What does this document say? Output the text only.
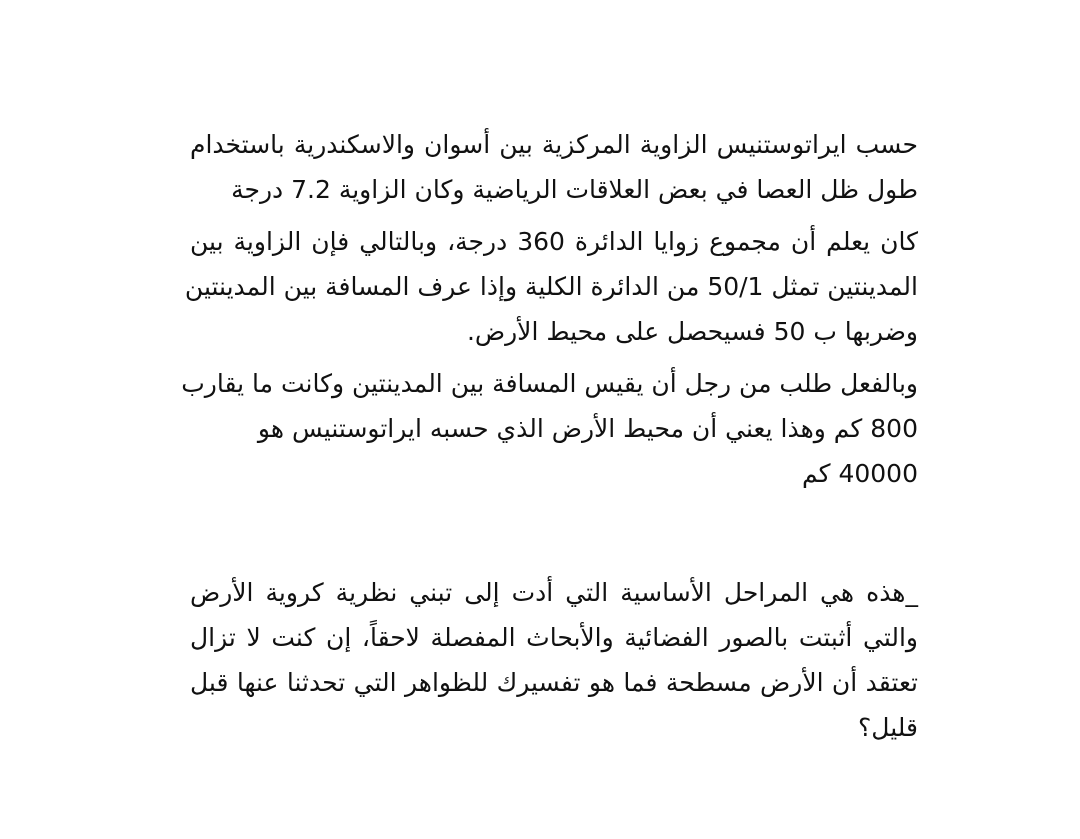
حسب ايراتوستنيس الزاوية المركزية بين أسوان والاسكندرية باستخدام
طول ظل العصا في بعض العلاقات الرياضية وكان الزاوية 7.2 درجة
كان يعلم أن مجموع زوايا الدائرة 360 درجة، وبالتالي فإن الزاوية بين
المدينتين تمثل 50/1 من الدائرة الكلية وإذا عرف المسافة بين المدينتين
وضربها ب 50 فسيحصل على محيط الأرض.
وبالفعل طلب من رجل أن يقيس المسافة بين المدينتين وكانت ما يقارب
800 كم وهذا يعني أن محيط الأرض الذي حسبه ايراتوستنيس هو
40000 كم
_هذه هي المراحل الأساسية التي أدت إلى تبني نظرية كروية الأرض
والتي أثبتت بالصور الفضائية والأبحاث المفصلة لاحقاً، إن كنت لا تزال
تعتقد أن الأرض مسطحة فما هو تفسيرك للظواهر التي تحدثنا عنها قبل
قليل؟
